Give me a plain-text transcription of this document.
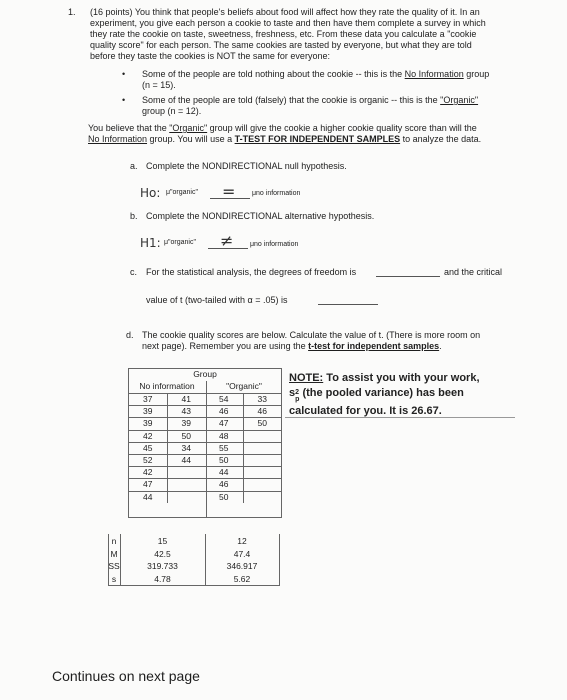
1. (16 points) You think that people's beliefs about food will affect how they rate the quality of it. In an
experiment, you give each person a cookie to taste and then have them complete a survey in which
they rate the cookie on taste, sweetness, freshness, etc. From these data you calculate a "cookie
quality score" for each person. The same cookies are tasted by everyone, but what they are told
before they taste the cookies is NOT the same for everyone:
• Some of the people are told nothing about the cookie -- this is the No Information group
(n = 15).
• Some of the people are told (falsely) that the cookie is organic -- this is the "Organic"
group (n = 12).
You believe that the "Organic" group will give the cookie a higher cookie quality score than will the
No Information group. You will use a T-TEST FOR INDEPENDENT SAMPLES to analyze the data.
a. Complete the NONDIRECTIONAL null hypothesis.
Ho: μ"organic" = μno information
b. Complete the NONDIRECTIONAL alternative hypothesis.
H1: μ"organic" ≠ μno information
c. For the statistical analysis, the degrees of freedom is	and the critical
value of t (two-tailed with α = .05) is
d. The cookie quality scores are below. Calculate the value of t. (There is more room on
next page). Remember you are using the t-test for independent samples.
Group
No information	"Organic"
37	41	54	33
39	43	46	46
39	39	47	50
42	50	48	
45	34	55	
52	44	50	
42		44	
47		46	
44		50	
n	15	12
M	42.5	47.4
SS	319.733	346.917
s	4.78	5.62
NOTE: To assist you with your work,
s 2
$_p$ (the pooled variance) has been
calculated for you. It is 26.67.
Continues on next page
